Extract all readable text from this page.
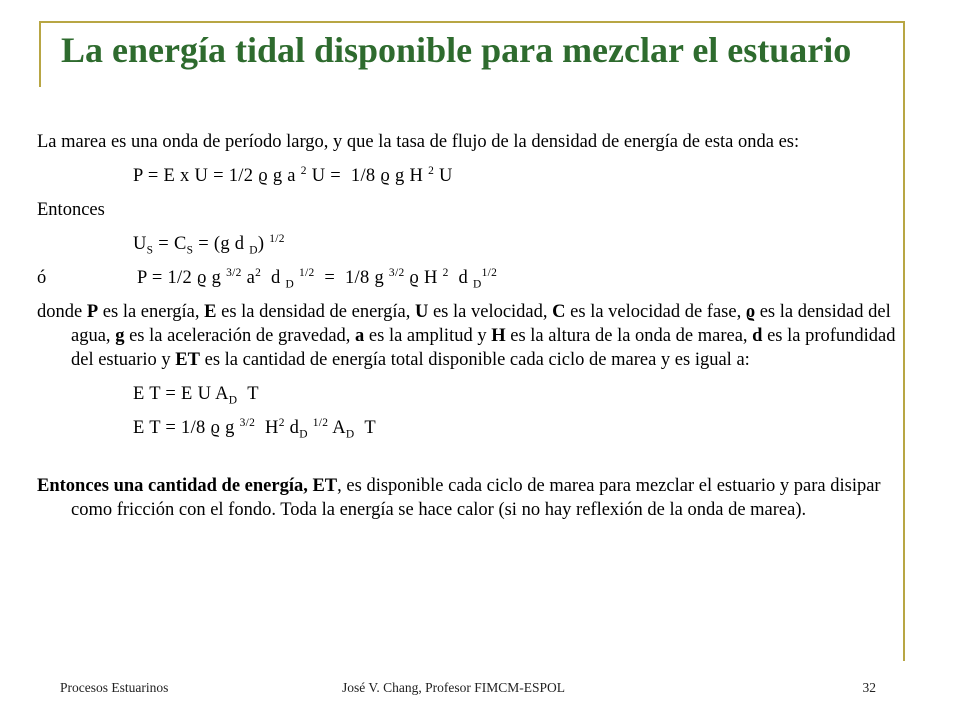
La energía tidal disponible para mezclar el estuario

La marea es una onda de período largo, y que la tasa de flujo de la densidad de energía de esta onda es:

P = E x U = 1/2 ϱ g a $^2$ U =  1/8 ϱ g H $^2$ U

Entonces

$U_S = C_S = (g$ d $_D$) $^{1/2}$

ó	P = 1/2 ϱ g $^{3/2}$ $a^2$  d $_D$ $^{1/2}$  =  1/8 g $^{3/2}$ ϱ H $^2$  d $_D^{1/2}$

donde P es la energía, E es la densidad de energía, U es la velocidad, C es la velocidad de fase, ϱ es la densidad del agua, g es la aceleración de gravedad, a es la amplitud y H es la altura de la onda de marea, d es la profundidad del estuario y ET es la cantidad de energía total disponible cada ciclo de marea y es igual a:

E T = E U $A_D$  T

E T = 1/8 ϱ g $^{3/2}$  $H^2$ $d_D$ $^{1/2}$ $A_D$  T

Entonces una cantidad de energía, ET, es disponible cada ciclo de marea para mezclar el estuario y para disipar como fricción con el fondo. Toda la energía se hace calor (si no hay reflexión de la onda de marea).

Procesos Estuarinos	José V. Chang, Profesor FIMCM-ESPOL	32
